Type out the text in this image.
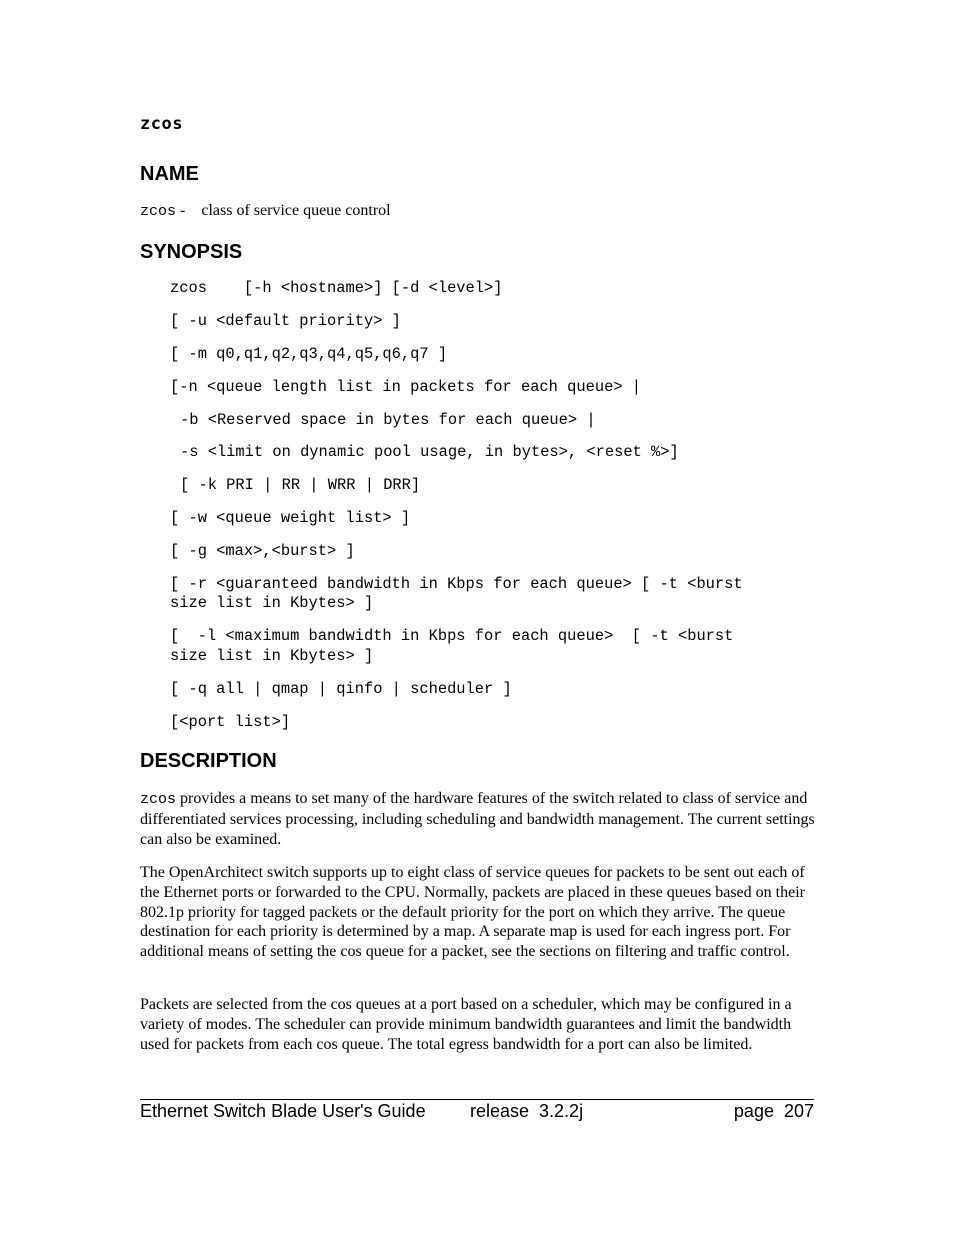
zcos
NAME
zcos - class of service queue control
SYNOPSIS
zcos    [-h <hostname>] [-d <level>]
[ -u <default priority> ]
[ -m q0,q1,q2,q3,q4,q5,q6,q7 ]
[-n <queue length list in packets for each queue> |
-b <Reserved space in bytes for each queue> |
-s <limit on dynamic pool usage, in bytes>, <reset %>]
[ -k PRI | RR | WRR | DRR]
[ -w <queue weight list> ]
[ -g <max>,<burst> ]
[ -r <guaranteed bandwidth in Kbps for each queue> [ -t <burst
size list in Kbytes> ]
[  -l <maximum bandwidth in Kbps for each queue>  [ -t <burst
size list in Kbytes> ]
[ -q all | qmap | qinfo | scheduler ]
[<port list>]
DESCRIPTION
zcos provides a means to set many of the hardware features of the switch related to class of service and differentiated services processing, including scheduling and bandwidth management. The current settings can also be examined.
The OpenArchitect switch supports up to eight class of service queues for packets to be sent out each of the Ethernet ports or forwarded to the CPU. Normally, packets are placed in these queues based on their 802.1p priority for tagged packets or the default priority for the port on which they arrive. The queue destination for each priority is determined by a map. A separate map is used for each ingress port. For additional means of setting the cos queue for a packet, see the sections on filtering and traffic control.
Packets are selected from the cos queues at a port based on a scheduler, which may be configured in a variety of modes. The scheduler can provide minimum bandwidth guarantees and limit the bandwidth used for packets from each cos queue. The total egress bandwidth for a port can also be limited.
Ethernet Switch Blade User's Guide release  3.2.2j	page  207
